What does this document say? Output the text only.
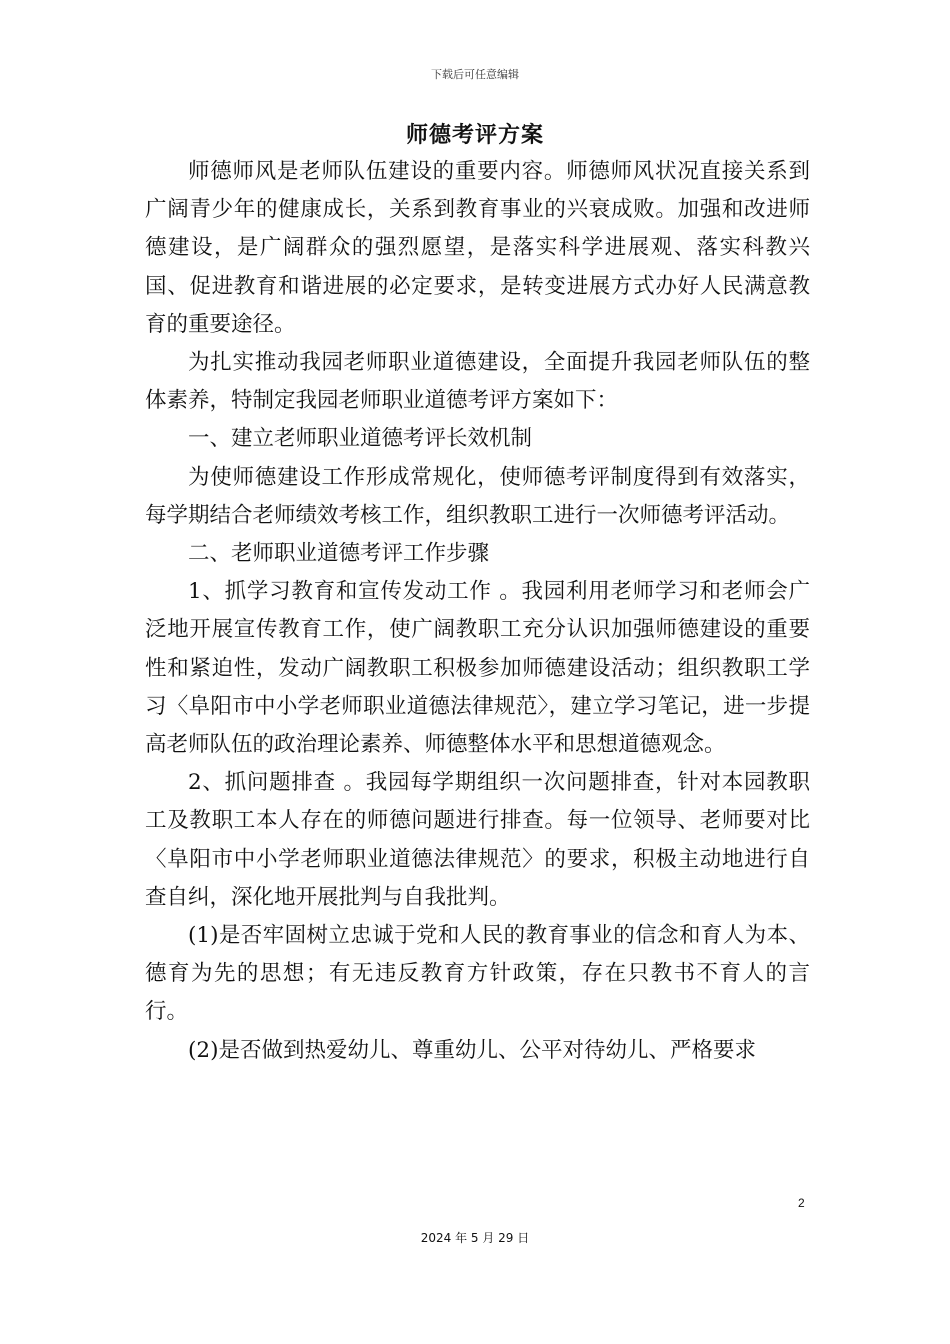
下载后可任意编辑
师德考评方案

师德师风是老师队伍建设的重要内容。师德师风状况直接关系到广阔青少年的健康成长，关系到教育事业的兴衰成败。加强和改进师德建设，是广阔群众的强烈愿望，是落实科学进展观、落实科教兴国、促进教育和谐进展的必定要求，是转变进展方式办好人民满意教育的重要途径。

为扎实推动我园老师职业道德建设，全面提升我园老师队伍的整体素养，特制定我园老师职业道德考评方案如下：

一、建立老师职业道德考评长效机制

为使师德建设工作形成常规化，使师德考评制度得到有效落实，每学期结合老师绩效考核工作，组织教职工进行一次师德考评活动。

二、老师职业道德考评工作步骤

1、抓学习教育和宣传发动工作 。我园利用老师学习和老师会广泛地开展宣传教育工作，使广阔教职工充分认识加强师德建设的重要性和紧迫性，发动广阔教职工积极参加师德建设活动；组织教职工学习〈阜阳市中小学老师职业道德法律规范〉，建立学习笔记，进一步提高老师队伍的政治理论素养、师德整体水平和思想道德观念。

2、抓问题排查 。我园每学期组织一次问题排查，针对本园教职工及教职工本人存在的师德问题进行排查。每一位领导、老师要对比〈阜阳市中小学老师职业道德法律规范〉的要求，积极主动地进行自查自纠，深化地开展批判与自我批判。

(1)是否牢固树立忠诚于党和人民的教育事业的信念和育人为本、德育为先的思想；有无违反教育方针政策，存在只教书不育人的言行。

(2)是否做到热爱幼儿、尊重幼儿、公平对待幼儿、严格要求

2
2024 年 5 月 29 日
